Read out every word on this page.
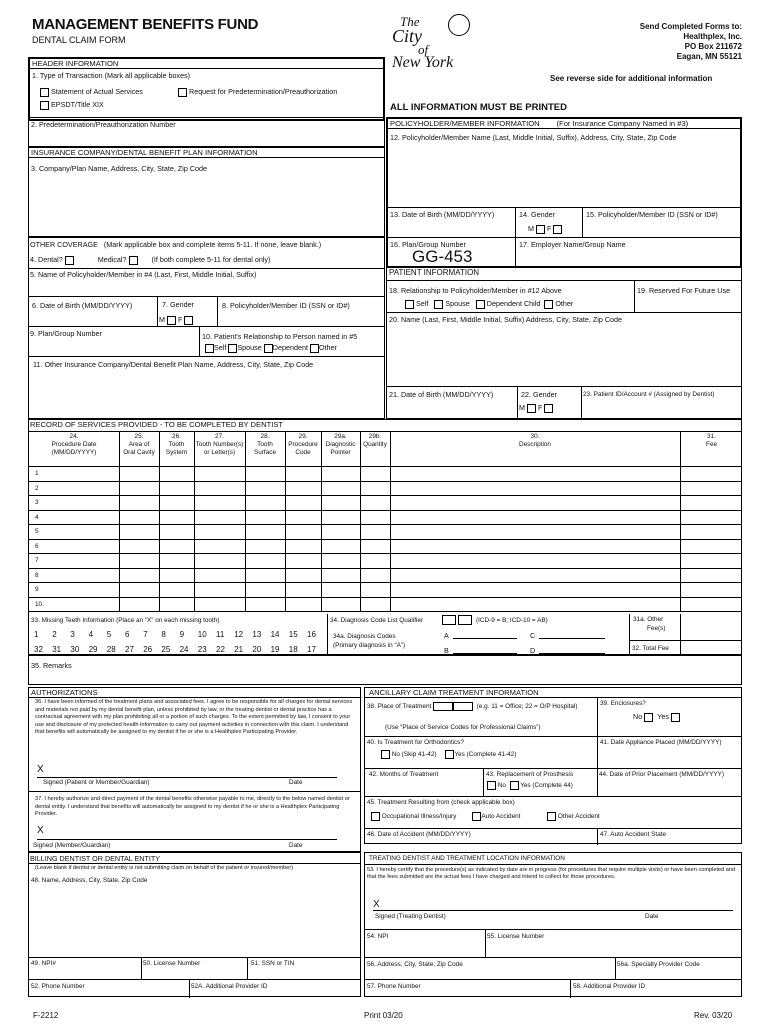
MANAGEMENT BENEFITS FUND
DENTAL CLAIM FORM
The
City
of
New York
Send Completed Forms to:
Healthplex, Inc.
PO Box 211672
Eagan, MN 55121
See reverse side for additional information
ALL INFORMATION MUST BE PRINTED
HEADER INFORMATION
1. Type of Transaction (Mark all applicable boxes)
Statement of Actual Services	Request for Predetermination/Preauthorization
EPSDT/Title XIX
2. Predetermination/Preauthorization Number
INSURANCE COMPANY/DENTAL BENEFIT PLAN INFORMATION
3. Company/Plan Name, Address, City, State, Zip Code
OTHER COVERAGE (Mark applicable box and complete items 5-11. If none, leave blank.)
4. Dental?	Medical?	(If both complete 5-11 for dental only)
5. Name of Policyholder/Member in #4 (Last, First, Middle Initial, Suffix)
6. Date of Birth (MM/DD/YYYY)	7. Gender
M F
8. Policyholder/Member ID (SSN or ID#)
9. Plan/Group Number	10. Patient's Relationship to Person named in #5
Self Spouse Dependent Other
11. Other Insurance Company/Dental Benefit Plan Name, Address, City, State, Zip Code
POLICYHOLDER/MEMBER INFORMATION (For Insurance Company Named in #3)
12. Policyholder/Member Name (Last, Middle Initial, Suffix), Address, City, State, Zip Code
13. Date of Birth (MM/DD/YYYY)	14. Gender
M F
15. Policyholder/Member ID (SSN or ID#)
16. Plan/Group Number
GG-453
17. Employer Name/Group Name
PATIENT INFORMATION
18. Relationship to Policyholder/Member in #12 Above
Self Spouse Dependent Child Other
19. Reserved For Future Use
20. Name (Last, First, Middle Initial, Suffix) Address, City, State, Zip Code
21. Date of Birth (MM/DD/YYYY)	22. Gender
M F
23. Patient ID/Account # (Assigned by Dentist)
RECORD OF SERVICES PROVIDED - TO BE COMPLETED BY DENTIST
24.
Procedure Date
(MM/DD/YYYY)
25.
Area of
Oral Cavity
26.
Tooth
System
27.
Tooth Number(s)
or Letter(s)
28.
Tooth
Surface
29.
Procedure
Code
29a.
Diagnostic
Pointer
29b.
Quantity
30.
Description
31.
Fee
1
2
3
4
5
6
7
8
9
10.
33. Missing Teeth Information (Place an “X” on each missing tooth)
1 2 3 4 5 6 7 8 9 10 11 12 13 14 15 16
32 31 30 29 28 27 26 25 24 23 22 21 20 19 18 17
34. Diagnosis Code List Qualifier	(ICD-9 = B; ICD-10 = AB)
34a. Diagnosis Codes
(Primary diagnosis in “A”)
A
B
C
D
31a. Other
Fee(s)
32. Total Fee
35. Remarks
AUTHORIZATIONS
36. I have been informed of the treatment plans and associated fees. I agree to be responsible for all charges for dental services and materials not paid by my dental benefit plan, unless prohibited by law, or the treating dentist or dental practice has a contractual agreement with my plan prohibiting all or a portion of such charges. To the extent permitted by law, I consent to your use and disclosure of my protected health information to carry out payment activities in connection with this claim. I understand that benefits will automatically be assigned to my dentist if he or she is a Healthplex Participating Provider.
X
Signed (Patient or Member/Guardian)	Date
37. I hereby authorize and direct payment of the dental benefits otherwise payable to me, directly to the below named dentist or dental entity. I understand that benefits will automatically be assigned to my dentist if he or she is a Healthplex Participating Provider.
X
Signed (Member/Guardian)	Date
BILLING DENTIST OR DENTAL ENTITY
(Leave blank if dentist or dental entity is not submitting claim on behalf of the patient or insured/member)
48. Name, Address, City, State, Zip Code
49. NPI#	50. License Number	51. SSN or TIN
52. Phone Number	52A. Additional Provider ID
ANCILLARY CLAIM TREATMENT INFORMATION
38. Place of Treatment	(e.g. 11 = Office; 22 = O/P Hospital)
(Use “Place of Service Codes for Professional Claims”)
39. Enclosures?
No Yes
40. Is Treatment for Orthodontics?
No (Skip 41-42)	Yes (Complete 41-42)
41. Date Appliance Placed (MM/DD/YYYY)
42. Months of Treatment	43. Replacement of Prosthesis
No Yes (Complete 44)
44. Date of Prior Placement (MM/DD/YYYY)
45. Treatment Resulting from (check applicable box)
Occupational Illness/Injury	Auto Accident	Other Accident
46. Date of Accident (MM/DD/YYYY)	47. Auto Accident State
TREATING DENTIST AND TREATMENT LOCATION INFORMATION
53. I hereby certify that the procedure(s) as indicated by date are in progress (for procedures that require multiple visits) or have been completed and that the fees submitted are the actual fees I have charged and intend to collect for those procedures.
X
Signed (Treating Dentist)	Date
54. NPI	55. License Number
56. Address, City, State, Zip Code	56a. Specialty Provider Code
57. Phone Number	58. Additional Provider ID
F-2212	Print 03/20	Rev. 03/20
